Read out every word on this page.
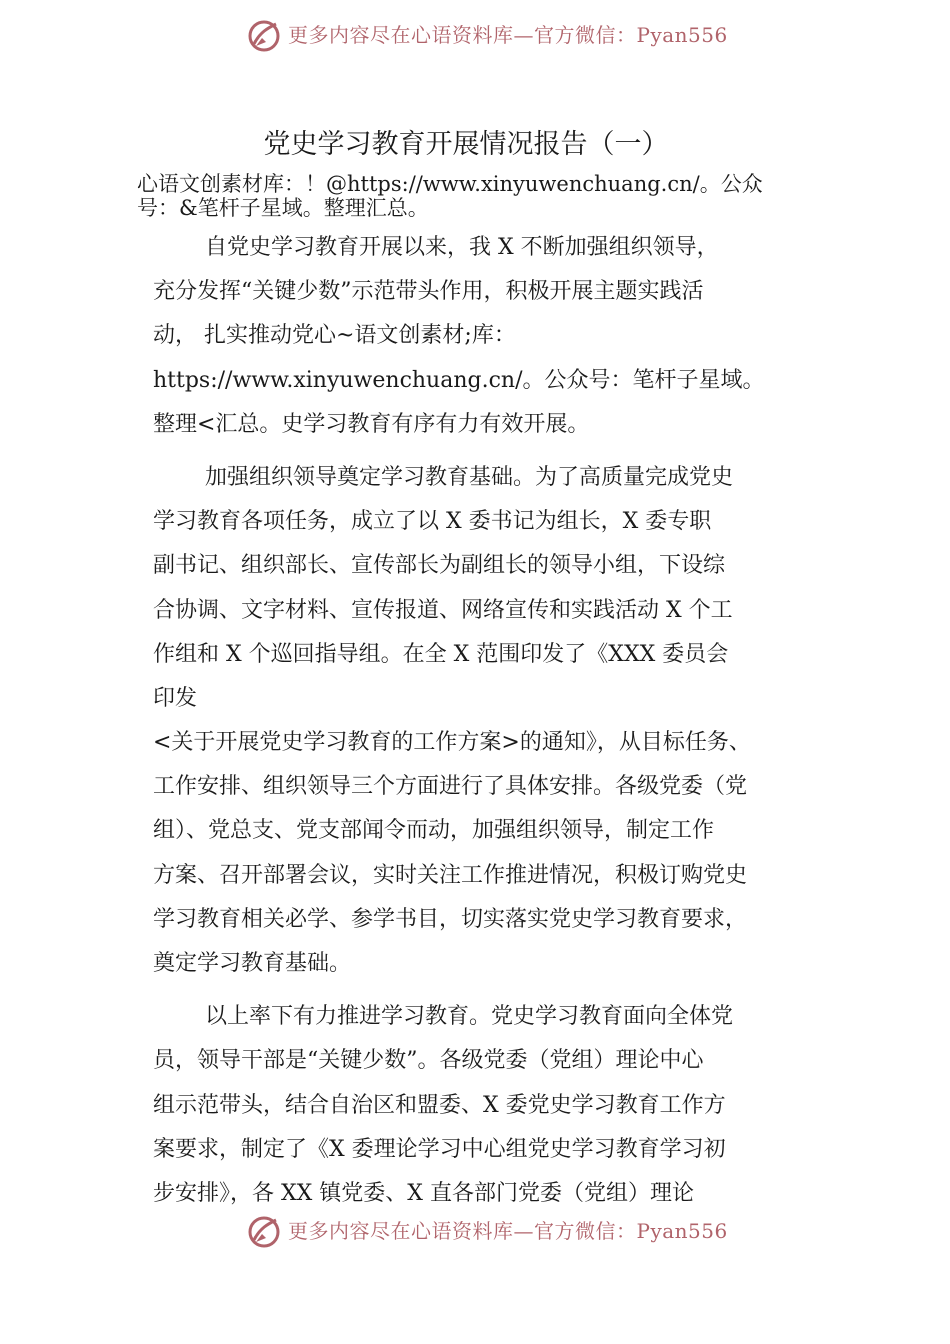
更多内容尽在心语资料库—官方微信：Pyan556
党史学习教育开展情况报告（一）
心语文创素材库：！@https://www.xinyuwenchuang.cn/。公众
号：&笔杆子星域。整理汇总。
自党史学习教育开展以来，我 X 不断加强组织领导，
充分发挥“关键少数”示范带头作用，积极开展主题实践活
动， 扎实推动党心~语文创素材;库：
https://www.xinyuwenchuang.cn/。公众号：笔杆子星域。
整理<汇总。史学习教育有序有力有效开展。
加强组织领导奠定学习教育基础。为了高质量完成党史
学习教育各项任务，成立了以 X 委书记为组长，X 委专职
副书记、组织部长、宣传部长为副组长的领导小组，下设综
合协调、文字材料、宣传报道、网络宣传和实践活动 X 个工
作组和 X 个巡回指导组。在全 X 范围印发了《XXX 委员会
印发
<关于开展党史学习教育的工作方案>的通知》，从目标任务、
工作安排、组织领导三个方面进行了具体安排。各级党委（党
组）、党总支、党支部闻令而动，加强组织领导，制定工作
方案、召开部署会议，实时关注工作推进情况，积极订购党史
学习教育相关必学、参学书目，切实落实党史学习教育要求，
奠定学习教育基础。
以上率下有力推进学习教育。党史学习教育面向全体党
员，领导干部是“关键少数”。各级党委（党组）理论中心
组示范带头，结合自治区和盟委、X 委党史学习教育工作方
案要求，制定了《X 委理论学习中心组党史学习教育学习初
步安排》，各 XX 镇党委、X 直各部门党委（党组）理论
更多内容尽在心语资料库—官方微信：Pyan556
